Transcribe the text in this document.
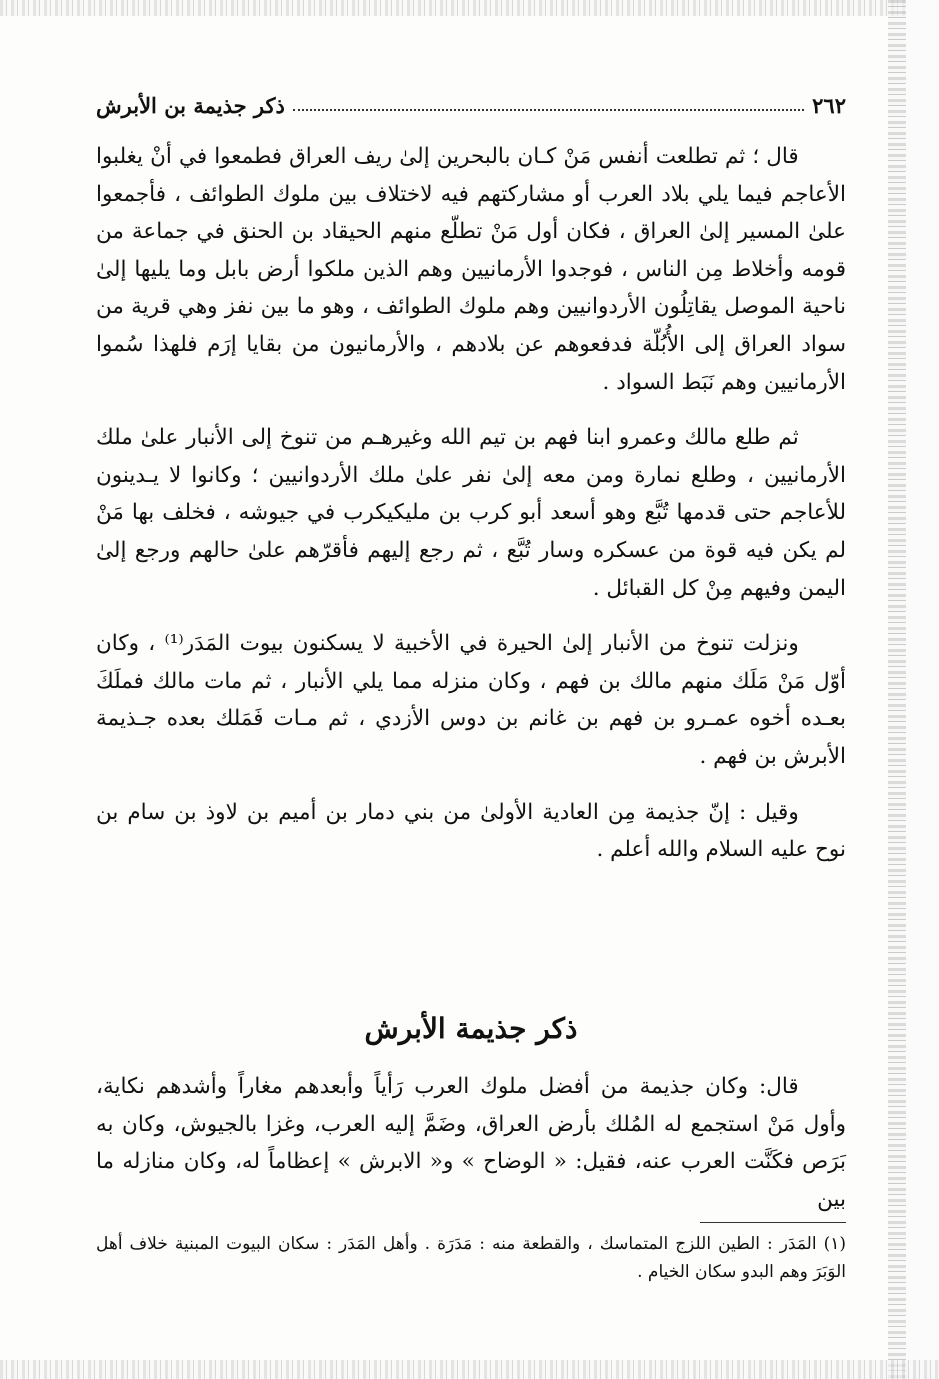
٢٦٢
ذكر جذيمة بن الأبرش

قال ؛ ثم تطلعت أنفس مَنْ كـان بالبحرين إلىٰ ريف العراق فطمعوا في أنْ يغلبوا الأعاجم فيما يلي بلاد العرب أو مشاركتهم فيه لاختلاف بين ملوك الطوائف ، فأجمعوا علىٰ المسير إلىٰ العراق ، فكان أول مَنْ تطلّع منهم الحيقاد بن الحنق في جماعة من قومه وأخلاط مِن الناس ، فوجدوا الأرمانيين وهم الذين ملكوا أرض بابل وما يليها إلىٰ ناحية الموصل يقاتِلُون الأردوانيين وهم ملوك الطوائف ، وهو ما بين نفز وهي قرية من سواد العراق إلى الأُبُلّة فدفعوهم عن بلادهم ، والأرمانيون من بقايا إرَم فلهذا سُموا الأرمانيين وهم نَبَط السواد .

ثم طلع مالك وعمرو ابنا فهم بن تيم الله وغيرهـم من تنوخ إلى الأنبار علىٰ ملك الأرمانيين ، وطلع نمارة ومن معه إلىٰ نفر علىٰ ملك الأردوانيين ؛ وكانوا لا يـدينون للأعاجم حتى قدمها تُبَّع وهو أسعد أبو كرب بن مليكيكرب في جيوشه ، فخلف بها مَنْ لم يكن فيه قوة من عسكره وسار تُبَّع ، ثم رجع إليهم فأقرّهم علىٰ حالهم ورجع إلىٰ اليمن وفيهم مِنْ كل القبائل .

ونزلت تنوخ من الأنبار إلىٰ الحيرة في الأخبية لا يسكنون بيوت المَدَر⁽¹⁾ ، وكان أوّل مَنْ مَلَك منهم مالك بن فهم ، وكان منزله مما يلي الأنبار ، ثم مات مالك فملَكَ بعـده أخوه عمـرو بن فهم بن غانم بن دوس الأزدي ، ثم مـات فَمَلك بعده جـذيمة الأبرش بن فهم .

وقيل : إنّ جذيمة مِن العادية الأولىٰ من بني دمار بن أميم بن لاوذ بن سام بن نوح عليه السلام والله أعلم .

ذكر جذيمة الأبرش

قال: وكان جذيمة من أفضل ملوك العرب رَأياً وأبعدهم مغاراً وأشدهم نكاية، وأول مَنْ استجمع له المُلك بأرض العراق، وضَمَّ إليه العرب، وغزا بالجيوش، وكان به بَرَص فكَنَّت العرب عنه، فقيل: « الوضاح » و« الابرش » إعظاماً له، وكان منازله ما بين

(١) المَدَر : الطين اللزج المتماسك ، والقطعة منه : مَدَرَة . وأهل المَدَر : سكان البيوت المبنية خلاف أهل الوَبَرَ وهم البدو سكان الخيام .
